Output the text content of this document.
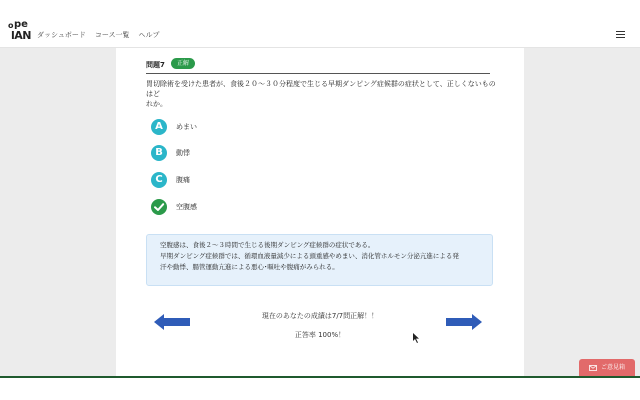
o pe
lAN ダッシュボード コース一覧 ヘルプ
問題7	正解
胃切除術を受けた患者が、食後２０～３０分程度で生じる早期ダンピング症候群の症状として、正しくないものはど
れか。
A	めまい
B	動悸
C	腹痛
空腹感
空腹感は、食後２～３時間で生じる後期ダンピング症候群の症状である。
早期ダンピング症候群では、循環血液量減少による頭重感やめまい、消化管ホルモン分泌亢進による発
汗や動悸、腸管運動亢進による悪心･嘔吐や腹痛がみられる。
現在のあなたの成績は7/7問正解！！
正答率 100%！
ご意見箱
